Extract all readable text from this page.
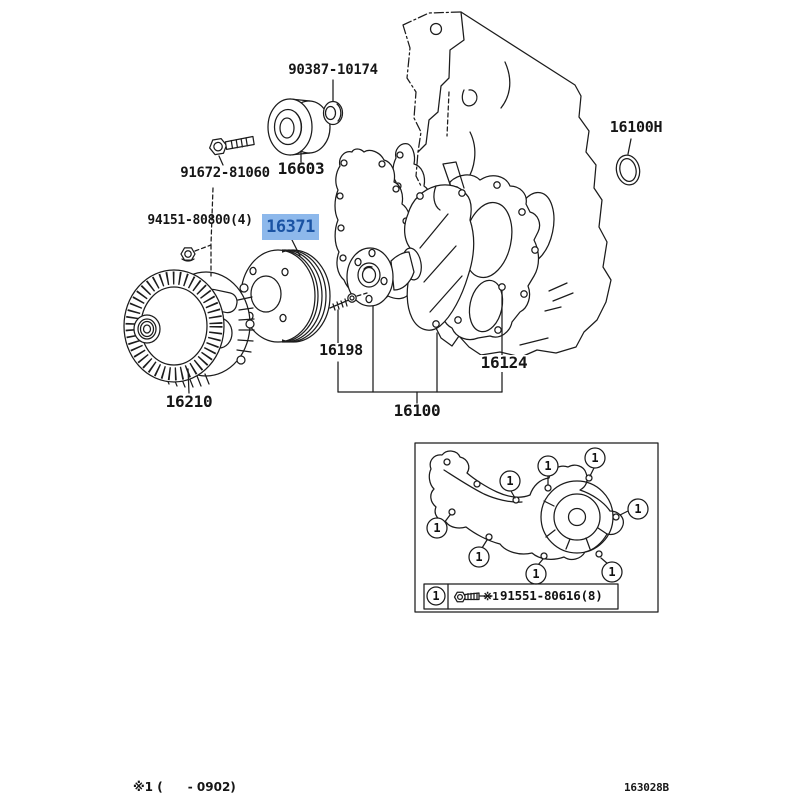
1
1
1
1
1
1
1	1
1
90387-10174
91672-81060 16603
16100H
94151-80800(4) 16371
16210
16198
16124
16100
※1 91551-80616(8)
※1 (      - 0902)	163028B
